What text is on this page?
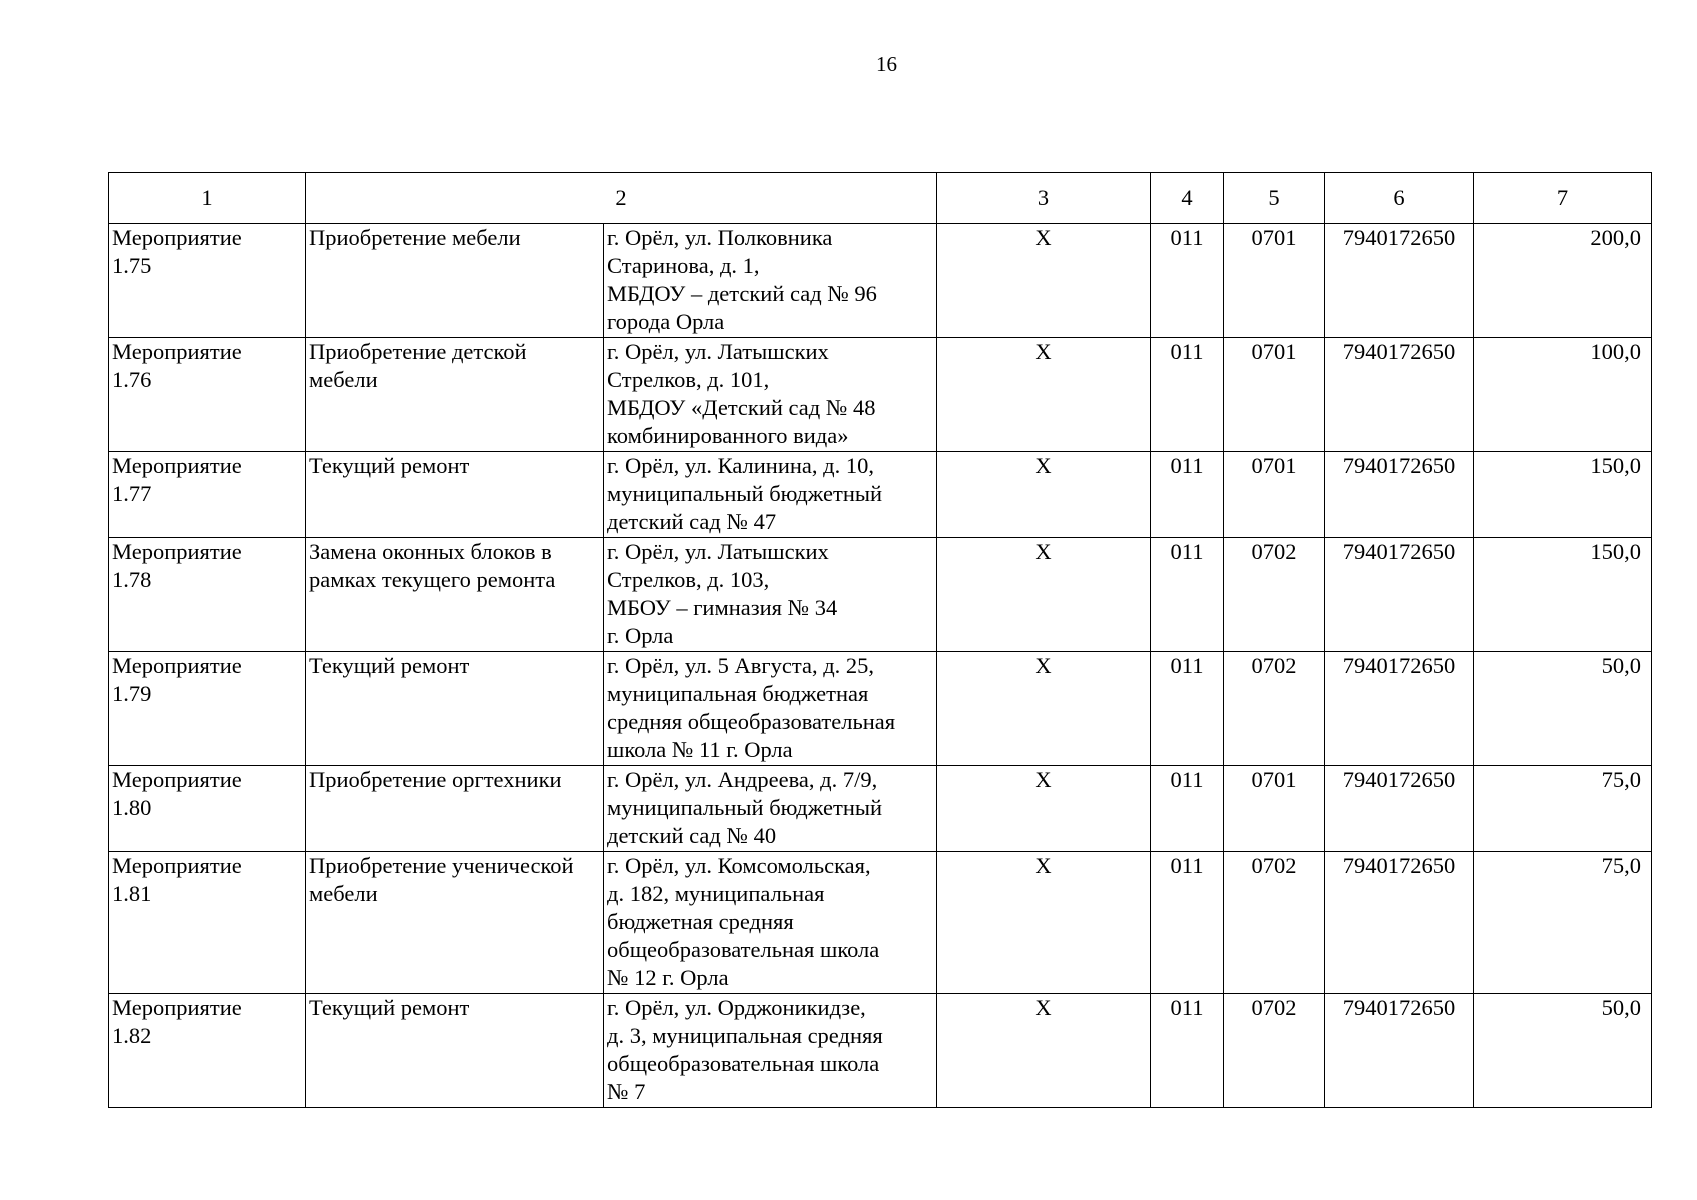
16
1	2		3	4	5	6	7
Мероприятие
1.75	Приобретение мебели	г. Орёл, ул. Полковника
Старинова, д. 1,
МБДОУ – детский сад № 96
города Орла	Х	011	0701	7940172650	200,0
Мероприятие
1.76	Приобретение детской
мебели	г. Орёл, ул. Латышских
Стрелков, д. 101,
МБДОУ «Детский сад № 48
комбинированного вида»	Х	011	0701	7940172650	100,0
Мероприятие
1.77	Текущий ремонт	г. Орёл, ул. Калинина, д. 10,
муниципальный бюджетный
детский сад № 47	Х	011	0701	7940172650	150,0
Мероприятие
1.78	Замена оконных блоков в
рамках текущего ремонта	г. Орёл, ул. Латышских
Стрелков, д. 103,
МБОУ – гимназия № 34
г. Орла	Х	011	0702	7940172650	150,0
Мероприятие
1.79	Текущий ремонт	г. Орёл, ул. 5 Августа, д. 25,
муниципальная бюджетная
средняя общеобразовательная
школа № 11 г. Орла	Х	011	0702	7940172650	50,0
Мероприятие
1.80	Приобретение оргтехники	г. Орёл, ул. Андреева, д. 7/9,
муниципальный бюджетный
детский сад № 40	Х	011	0701	7940172650	75,0
Мероприятие
1.81	Приобретение ученической
мебели	г. Орёл, ул. Комсомольская,
д. 182, муниципальная
бюджетная средняя
общеобразовательная школа
№ 12 г. Орла	Х	011	0702	7940172650	75,0
Мероприятие
1.82	Текущий ремонт	г. Орёл, ул. Орджоникидзе,
д. 3, муниципальная средняя
общеобразовательная школа
№ 7	Х	011	0702	7940172650	50,0
